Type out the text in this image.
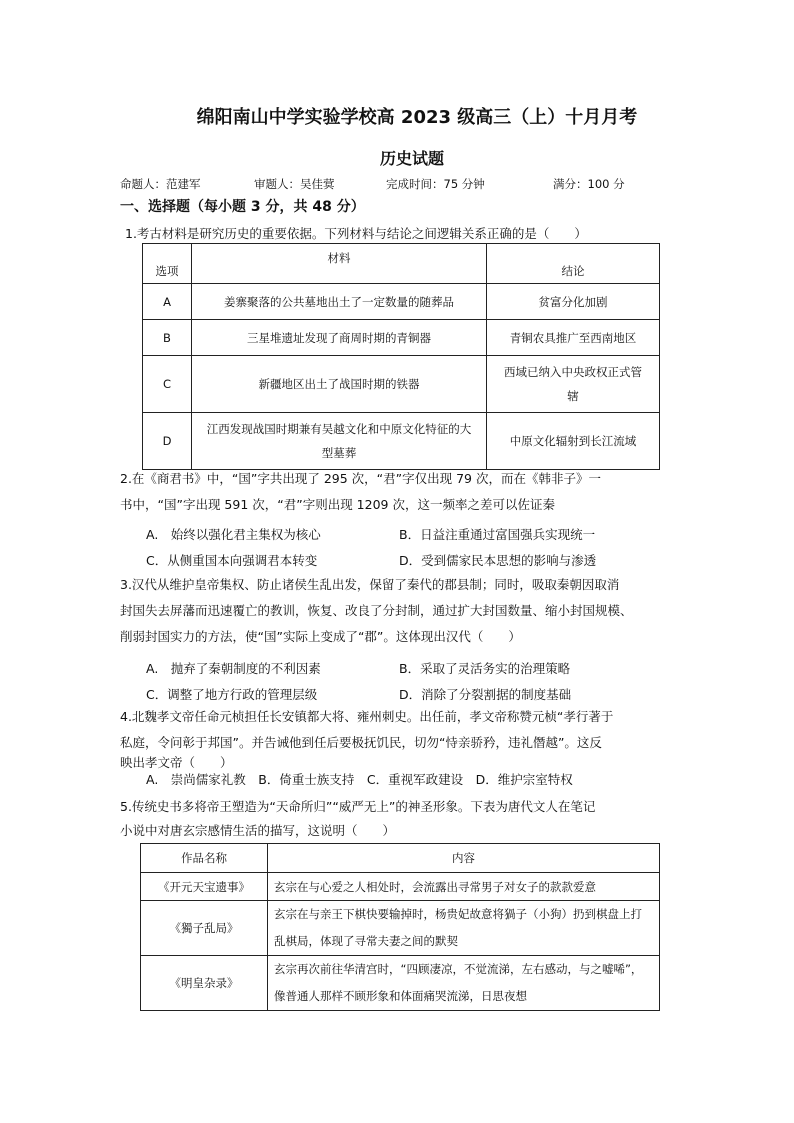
绵阳南山中学实验学校高 2023 级高三（上）十月月考
历史试题
命题人：范建军	审题人：吴佳蓂	完成时间：75 分钟	满分：100 分
一、选择题（每小题 3 分，共 48 分）
1.考古材料是研究历史的重要依据。下列材料与结论之间逻辑关系正确的是（　　）
选项	材料	结论
A	姜寨聚落的公共墓地出土了一定数量的随葬品	贫富分化加剧
B	三星堆遗址发现了商周时期的青铜器	青铜农具推广至西南地区
C	新疆地区出土了战国时期的铁器	西域已纳入中央政权正式管辖
D	江西发现战国时期兼有吴越文化和中原文化特征的大型墓葬	中原文化辐射到长江流域
2.在《商君书》中，“国”字共出现了 295 次，“君”字仅出现 79 次，而在《韩非子》一
书中，“国”字出现 591 次，“君”字则出现 1209 次，这一频率之差可以佐证秦
A.　始终以强化君主集权为核心	B．日益注重通过富国强兵实现统一
C．从侧重国本向强调君本转变	D．受到儒家民本思想的影响与渗透
3.汉代从维护皇帝集权、防止诸侯生乱出发，保留了秦代的郡县制；同时，吸取秦朝因取消
封国失去屏藩而迅速覆亡的教训，恢复、改良了分封制，通过扩大封国数量、缩小封国规模、
削弱封国实力的方法，使“国”实际上变成了“郡”。这体现出汉代（　　）
A.　抛弃了秦朝制度的不利因素	B．采取了灵活务实的治理策略
C．调整了地方行政的管理层级	D．消除了分裂割据的制度基础
4.北魏孝文帝任命元桢担任长安镇都大将、雍州刺史。出任前，孝文帝称赞元桢“孝行著于
私庭，令问彰于邦国”。并告诫他到任后要极抚饥民，切勿“恃亲骄矜，违礼僭越”。这反
映出孝文帝（　　）
A.　崇尚儒家礼教　B．倚重士族支持　C．重视军政建设　D．维护宗室特权
5.传统史书多将帝王塑造为“天命所归”“威严无上”的神圣形象。下表为唐代文人在笔记
小说中对唐玄宗感情生活的描写，这说明（　　）
作品名称	内容
《开元天宝遗事》	玄宗在与心爱之人相处时，会流露出寻常男子对女子的款款爱意
《獨子乱局》	玄宗在与亲王下棋快要输掉时，杨贵妃故意将猧子（小狗）扔到棋盘上打乱棋局，体现了寻常夫妻之间的默契
《明皇杂录》	玄宗再次前往华清宫时，“四顾凄凉，不觉流涕，左右感动，与之嘘唏”，像普通人那样不顾形象和体面痛哭流涕，日思夜想
